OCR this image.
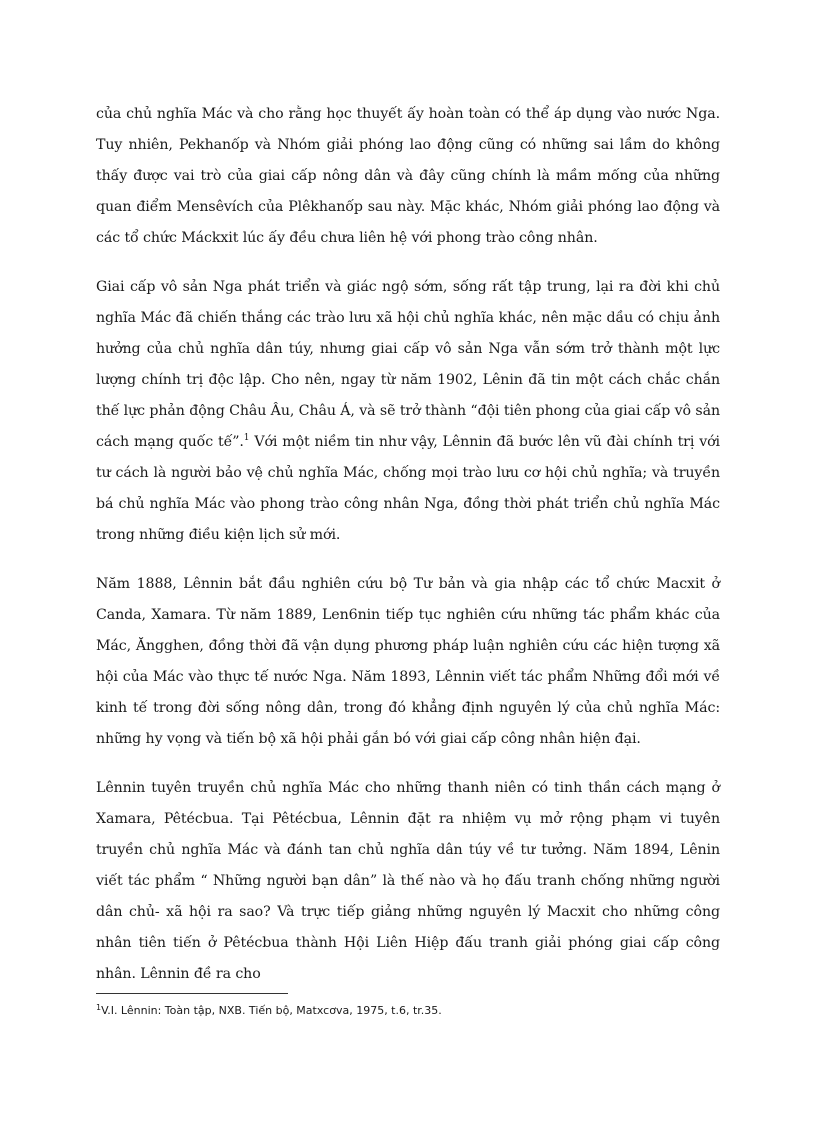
của chủ nghĩa Mác và cho rằng học thuyết ấy hoàn toàn có thể áp dụng vào nước Nga. Tuy nhiên, Pekhanốp và Nhóm giải phóng lao động cũng có những sai lầm do không thấy được vai trò của giai cấp nông dân và đây cũng chính là mầm mống của những quan điểm Mensêvích của Plêkhanốp sau này. Mặc khác, Nhóm giải phóng lao động và các tổ chức Máckxit lúc ấy đều chưa liên hệ với phong trào công nhân.

Giai cấp vô sản Nga phát triển và giác ngộ sớm, sống rất tập trung, lại ra đời khi chủ nghĩa Mác đã chiến thắng các trào lưu xã hội chủ nghĩa khác, nên mặc dầu có chịu ảnh hưởng của chủ nghĩa dân túy, nhưng giai cấp vô sản Nga vẫn sớm trở thành một lực lượng chính trị độc lập. Cho nên, ngay từ năm 1902, Lênin đã tin một cách chắc chắn thế lực phản động Châu Âu, Châu Á, và sẽ trở thành “đội tiên phong của giai cấp vô sản cách mạng quốc tế”.$^1$ Với một niềm tin như vậy, Lênnin đã bước lên vũ đài chính trị với tư cách là người bảo vệ chủ nghĩa Mác, chống mọi trào lưu cơ hội chủ nghĩa; và truyền bá chủ nghĩa Mác vào phong trào công nhân Nga, đồng thời phát triển chủ nghĩa Mác trong những điều kiện lịch sử mới.

Năm 1888, Lênnin bắt đầu nghiên cứu bộ Tư bản và gia nhập các tổ chức Macxit ở Canda, Xamara. Từ năm 1889, Len6nin tiếp tục nghiên cứu những tác phẩm khác của Mác, Ăngghen, đồng thời đã vận dụng phương pháp luận nghiên cứu các hiện tượng xã hội của Mác vào thực tế nước Nga. Năm 1893, Lênnin viết tác phẩm Những đổi mới về kinh tế trong đời sống nông dân, trong đó khẳng định nguyên lý của chủ nghĩa Mác: những hy vọng và tiến bộ xã hội phải gắn bó với giai cấp công nhân hiện đại.

Lênnin tuyên truyền chủ nghĩa Mác cho những thanh niên có tinh thần cách mạng ở Xamara, Pêtécbua. Tại Pêtécbua, Lênnin đặt ra nhiệm vụ mở rộng phạm vi tuyên truyền chủ nghĩa Mác và đánh tan chủ nghĩa dân túy về tư tưởng. Năm 1894, Lênin viết tác phẩm “ Những người bạn dân” là thế nào và họ đấu tranh chống những người dân chủ- xã hội ra sao? Và trực tiếp giảng những nguyên lý Macxit cho những công nhân tiên tiến ở Pêtécbua thành Hội Liên Hiệp đấu tranh giải phóng giai cấp công nhân. Lênnin đề ra cho

$^1$V.I. Lênnin: Toàn tập, NXB. Tiến bộ, Matxcơva, 1975, t.6, tr.35.
